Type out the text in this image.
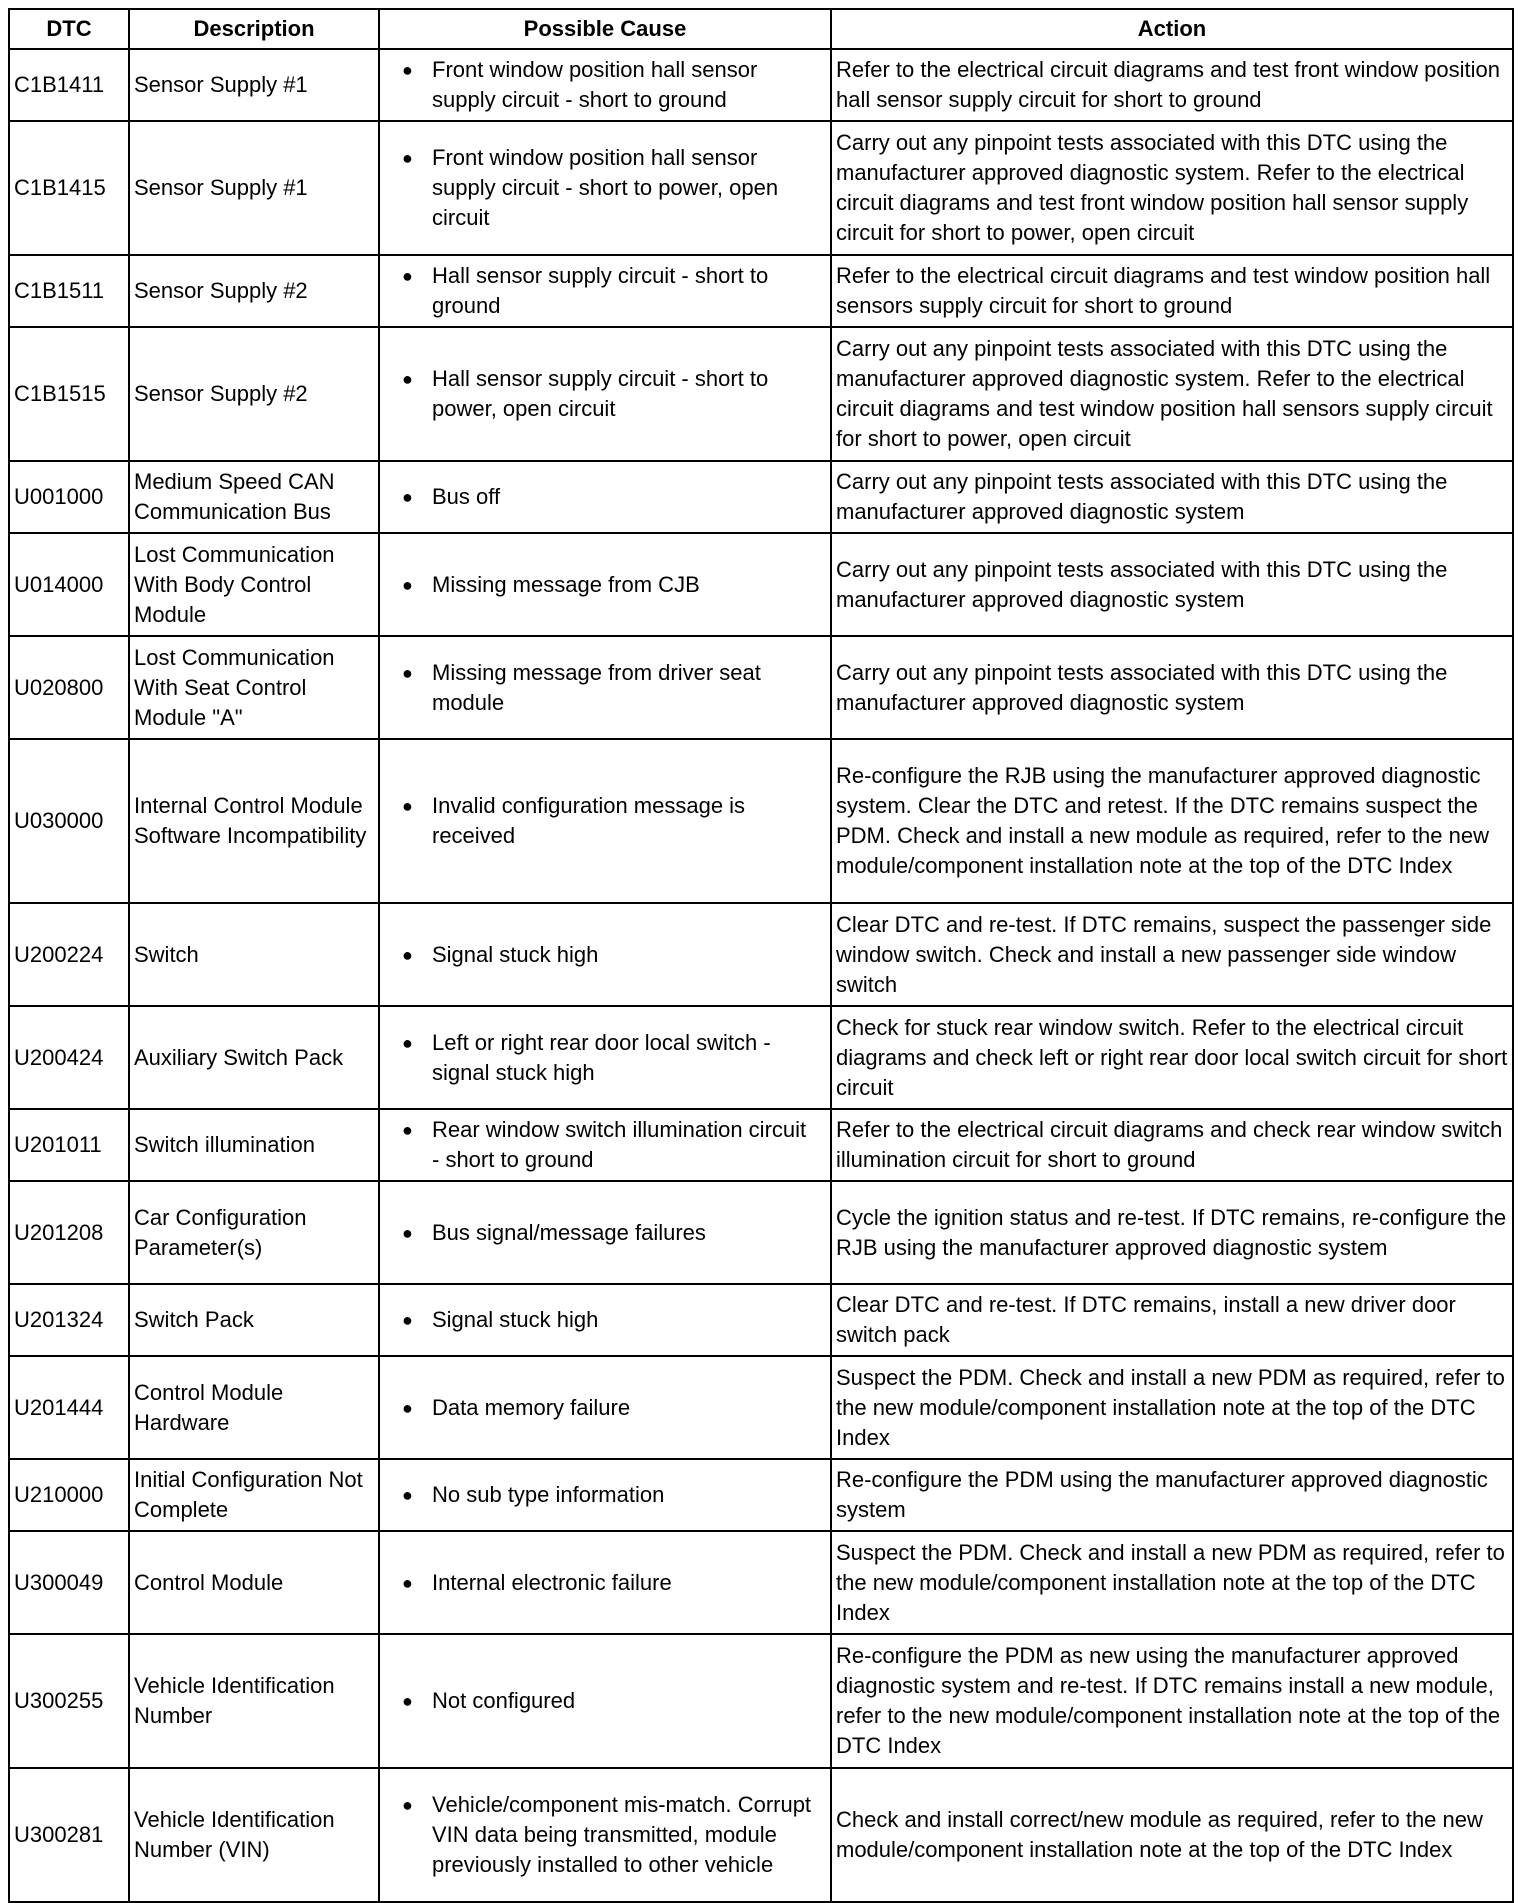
DTC	Description	Possible Cause	Action
C1B1411	Sensor Supply #1	● Front window position hall sensor supply circuit - short to ground	Refer to the electrical circuit diagrams and test front window position hall sensor supply circuit for short to ground
C1B1415	Sensor Supply #1	● Front window position hall sensor supply circuit - short to power, open circuit	Carry out any pinpoint tests associated with this DTC using the manufacturer approved diagnostic system. Refer to the electrical circuit diagrams and test front window position hall sensor supply circuit for short to power, open circuit
C1B1511	Sensor Supply #2	● Hall sensor supply circuit - short to ground	Refer to the electrical circuit diagrams and test window position hall sensors supply circuit for short to ground
C1B1515	Sensor Supply #2	● Hall sensor supply circuit - short to power, open circuit	Carry out any pinpoint tests associated with this DTC using the manufacturer approved diagnostic system. Refer to the electrical circuit diagrams and test window position hall sensors supply circuit for short to power, open circuit
U001000	Medium Speed CAN Communication Bus	● Bus off	Carry out any pinpoint tests associated with this DTC using the manufacturer approved diagnostic system
U014000	Lost Communication With Body Control Module	● Missing message from CJB	Carry out any pinpoint tests associated with this DTC using the manufacturer approved diagnostic system
U020800	Lost Communication With Seat Control Module "A"	● Missing message from driver seat module	Carry out any pinpoint tests associated with this DTC using the manufacturer approved diagnostic system
U030000	Internal Control Module Software Incompatibility	● Invalid configuration message is received	Re-configure the RJB using the manufacturer approved diagnostic system. Clear the DTC and retest. If the DTC remains suspect the PDM. Check and install a new module as required, refer to the new module/component installation note at the top of the DTC Index
U200224	Switch	● Signal stuck high	Clear DTC and re-test. If DTC remains, suspect the passenger side window switch. Check and install a new passenger side window switch
U200424	Auxiliary Switch Pack	● Left or right rear door local switch - signal stuck high	Check for stuck rear window switch. Refer to the electrical circuit diagrams and check left or right rear door local switch circuit for short circuit
U201011	Switch illumination	● Rear window switch illumination circuit - short to ground	Refer to the electrical circuit diagrams and check rear window switch illumination circuit for short to ground
U201208	Car Configuration Parameter(s)	● Bus signal/message failures	Cycle the ignition status and re-test. If DTC remains, re-configure the RJB using the manufacturer approved diagnostic system
U201324	Switch Pack	● Signal stuck high	Clear DTC and re-test. If DTC remains, install a new driver door switch pack
U201444	Control Module Hardware	● Data memory failure	Suspect the PDM. Check and install a new PDM as required, refer to the new module/component installation note at the top of the DTC Index
U210000	Initial Configuration Not Complete	● No sub type information	Re-configure the PDM using the manufacturer approved diagnostic system
U300049	Control Module	● Internal electronic failure	Suspect the PDM. Check and install a new PDM as required, refer to the new module/component installation note at the top of the DTC Index
U300255	Vehicle Identification Number	● Not configured	Re-configure the PDM as new using the manufacturer approved diagnostic system and re-test. If DTC remains install a new module, refer to the new module/component installation note at the top of the DTC Index
U300281	Vehicle Identification Number (VIN)	● Vehicle/component mis-match. Corrupt VIN data being transmitted, module previously installed to other vehicle	Check and install correct/new module as required, refer to the new module/component installation note at the top of the DTC Index
